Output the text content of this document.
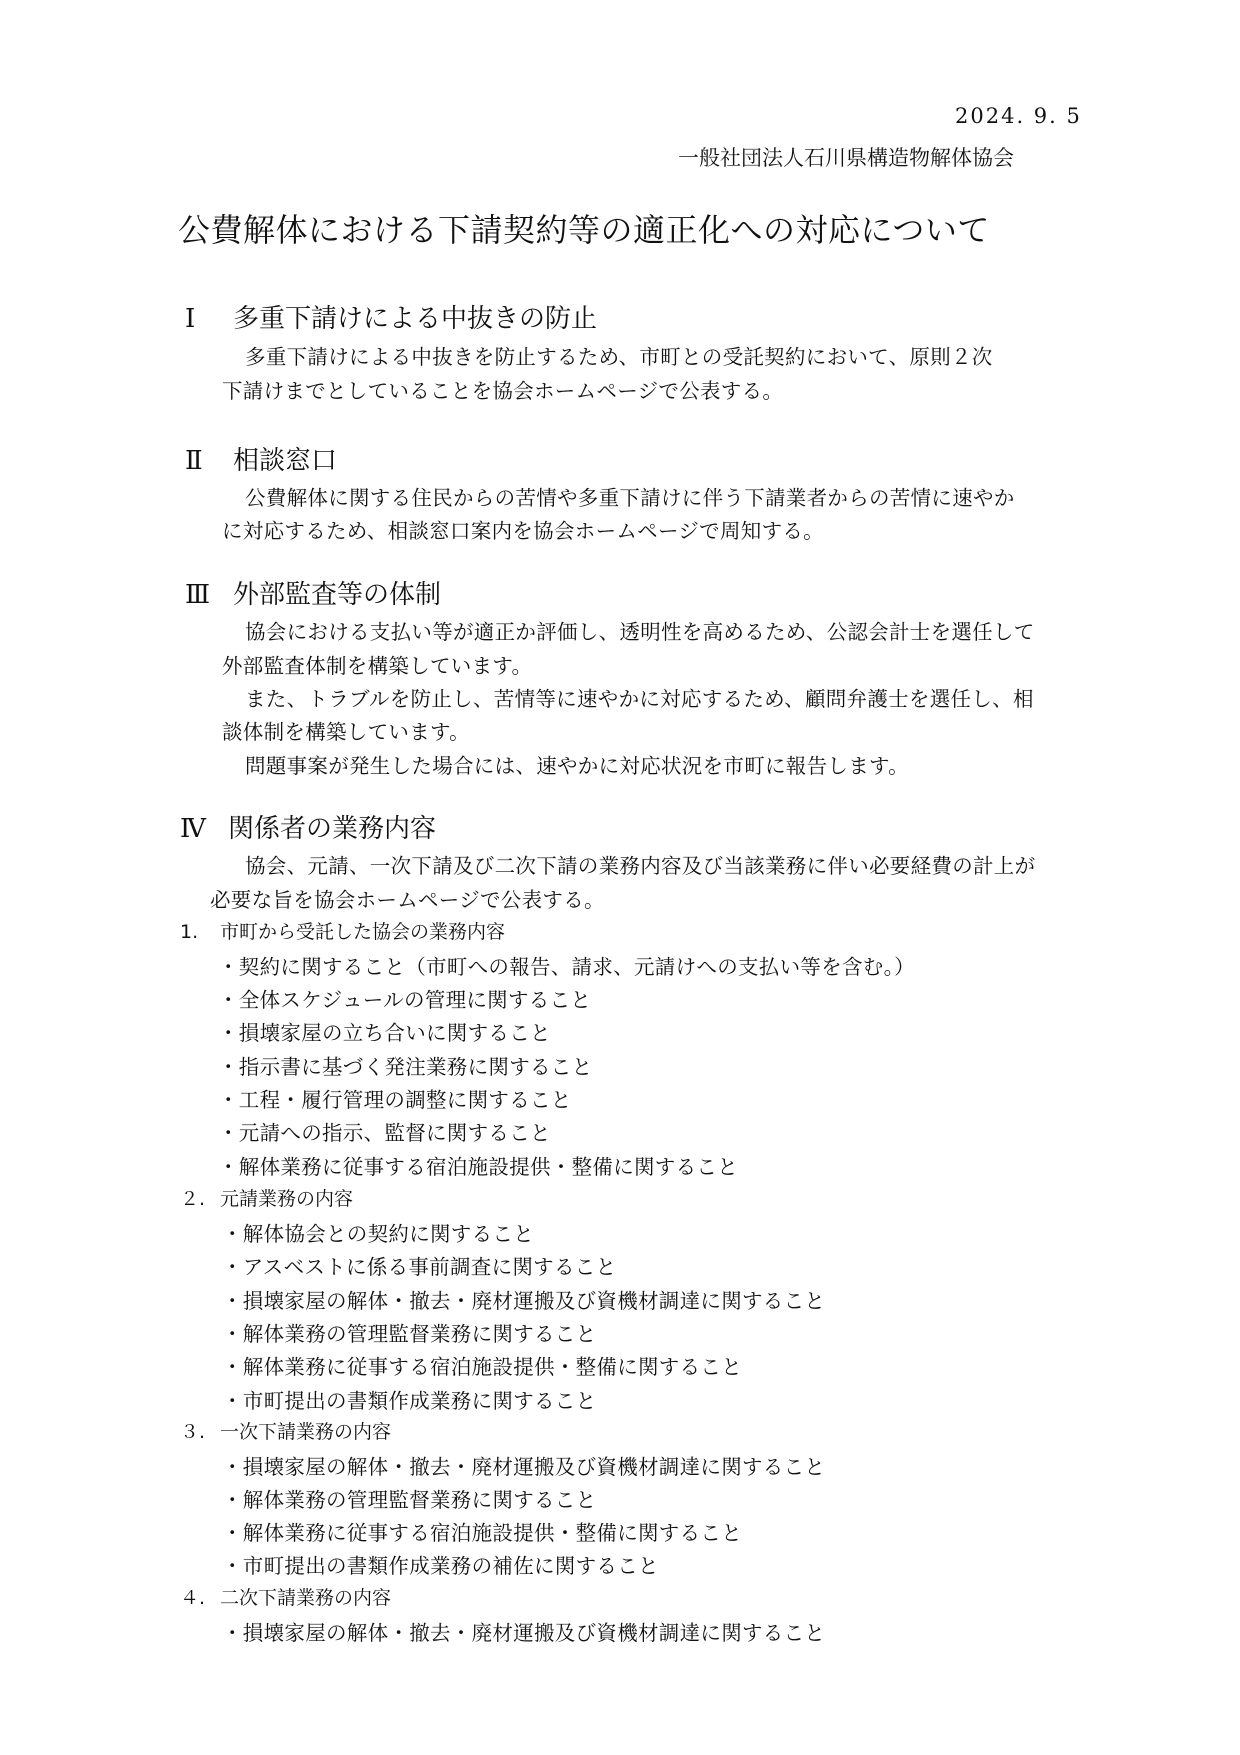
2024. 9. 5
一般社団法人石川県構造物解体協会
公費解体における下請契約等の適正化への対応について
Ⅰ 多重下請けによる中抜きの防止
多重下請けによる中抜きを防止するため、市町との受託契約において、原則２次
下請けまでとしていることを協会ホームページで公表する。
Ⅱ 相談窓口
公費解体に関する住民からの苦情や多重下請けに伴う下請業者からの苦情に速やか
に対応するため、相談窓口案内を協会ホームページで周知する。
Ⅲ 外部監査等の体制
協会における支払い等が適正か評価し、透明性を高めるため、公認会計士を選任して
外部監査体制を構築しています。
また、トラブルを防止し、苦情等に速やかに対応するため、顧問弁護士を選任し、相
談体制を構築しています。
問題事案が発生した場合には、速やかに対応状況を市町に報告します。
Ⅳ 関係者の業務内容
協会、元請、一次下請及び二次下請の業務内容及び当該業務に伴い必要経費の計上が
必要な旨を協会ホームページで公表する。
1. 市町から受託した協会の業務内容
・契約に関すること（市町への報告、請求、元請けへの支払い等を含む。）
・全体スケジュールの管理に関すること
・損壊家屋の立ち合いに関すること
・指示書に基づく発注業務に関すること
・工程・履行管理の調整に関すること
・元請への指示、監督に関すること
・解体業務に従事する宿泊施設提供・整備に関すること
２. 元請業務の内容
・解体協会との契約に関すること
・アスベストに係る事前調査に関すること
・損壊家屋の解体・撤去・廃材運搬及び資機材調達に関すること
・解体業務の管理監督業務に関すること
・解体業務に従事する宿泊施設提供・整備に関すること
・市町提出の書類作成業務に関すること
３. 一次下請業務の内容
・損壊家屋の解体・撤去・廃材運搬及び資機材調達に関すること
・解体業務の管理監督業務に関すること
・解体業務に従事する宿泊施設提供・整備に関すること
・市町提出の書類作成業務の補佐に関すること
４. 二次下請業務の内容
・損壊家屋の解体・撤去・廃材運搬及び資機材調達に関すること
